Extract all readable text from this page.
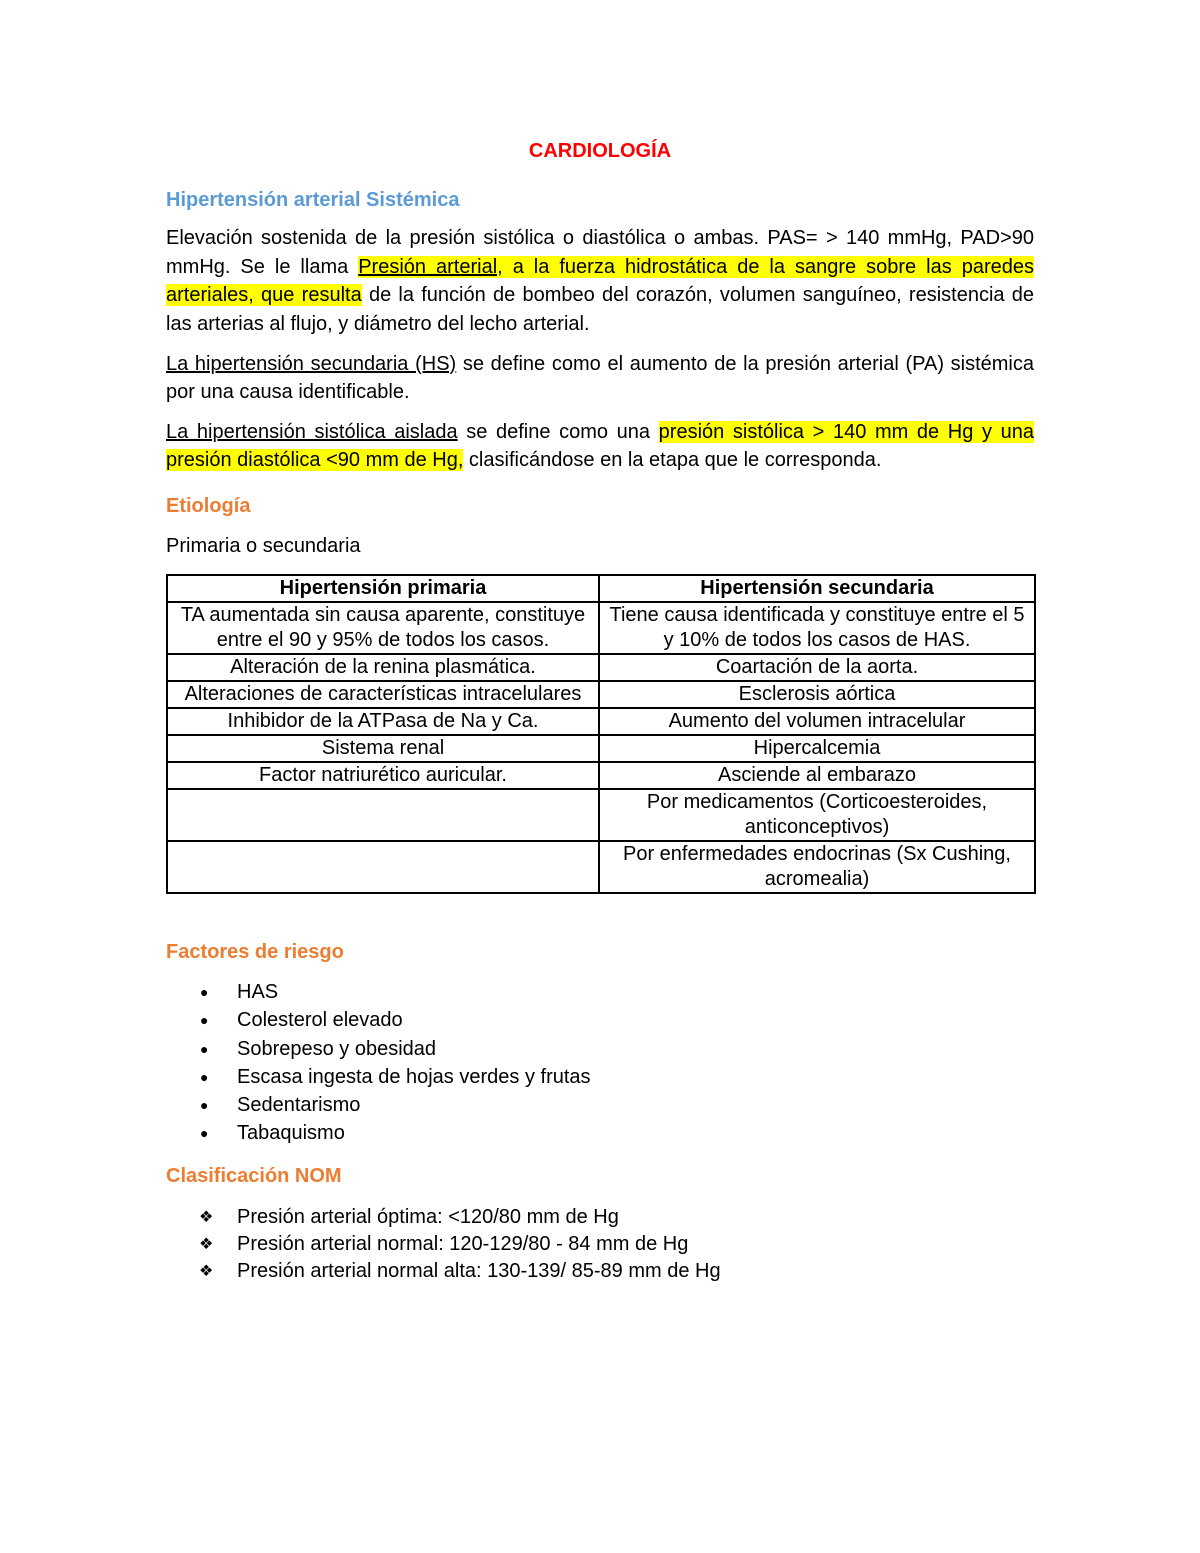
CARDIOLOGÍA
Hipertensión arterial Sistémica

Elevación sostenida de la presión sistólica o diastólica o ambas. PAS= > 140 mmHg, PAD>90 mmHg. Se le llama Presión arterial, a la fuerza hidrostática de la sangre sobre las paredes arteriales, que resulta de la función de bombeo del corazón, volumen sanguíneo, resistencia de las arterias al flujo, y diámetro del lecho arterial.

La hipertensión secundaria (HS) se define como el aumento de la presión arterial (PA) sistémica por una causa identificable.

La hipertensión sistólica aislada se define como una presión sistólica > 140 mm de Hg y una presión diastólica <90 mm de Hg, clasificándose en la etapa que le corresponda.

Etiología
Primaria o secundaria
Hipertensión primaria	Hipertensión secundaria
TA aumentada sin causa aparente, constituye entre el 90 y 95% de todos los casos.	Tiene causa identificada y constituye entre el 5 y 10% de todos los casos de HAS.
Alteración de la renina plasmática.	Coartación de la aorta.
Alteraciones de características intracelulares	Esclerosis aórtica
Inhibidor de la ATPasa de Na y Ca.	Aumento del volumen intracelular
Sistema renal	Hipercalcemia
Factor natriurético auricular.	Asciende al embarazo
	Por medicamentos (Corticoesteroides, anticonceptivos)
	Por enfermedades endocrinas (Sx Cushing, acromealia)
Factores de riesgo
● HAS
● Colesterol elevado
● Sobrepeso y obesidad
● Escasa ingesta de hojas verdes y frutas
● Sedentarismo
● Tabaquismo
Clasificación NOM
❖ Presión arterial óptima: <120/80 mm de Hg
❖ Presión arterial normal: 120-129/80 - 84 mm de Hg
❖ Presión arterial normal alta: 130-139/ 85-89 mm de Hg
